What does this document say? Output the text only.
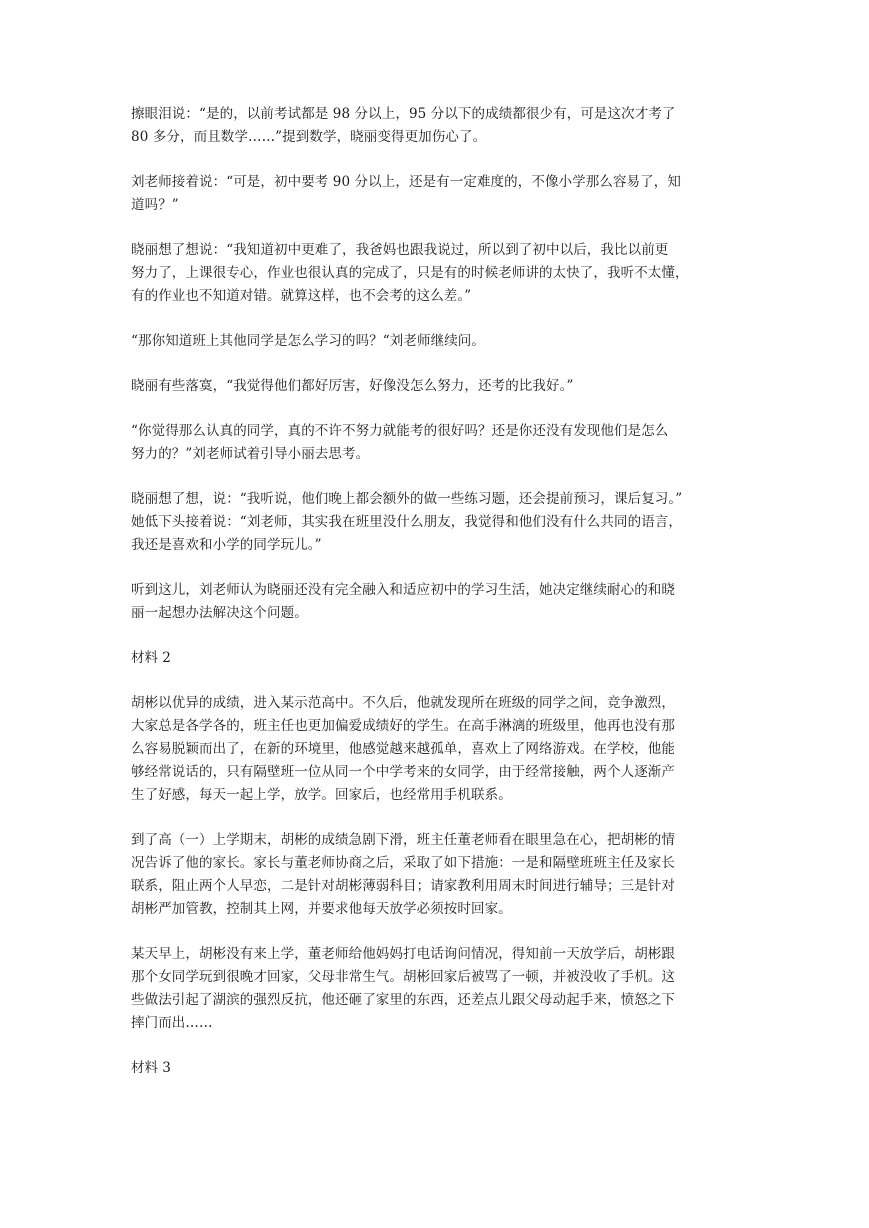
擦眼泪说：“是的，以前考试都是 98 分以上，95 分以下的成绩都很少有，可是这次才考了
80 多分，而且数学……”提到数学，晓丽变得更加伤心了。

刘老师接着说：“可是，初中要考 90 分以上，还是有一定难度的，不像小学那么容易了，知
道吗？”

晓丽想了想说：“我知道初中更难了，我爸妈也跟我说过，所以到了初中以后，我比以前更
努力了，上课很专心，作业也很认真的完成了，只是有的时候老师讲的太快了，我听不太懂，
有的作业也不知道对错。就算这样，也不会考的这么差。”

“那你知道班上其他同学是怎么学习的吗？“刘老师继续问。

晓丽有些落寞，“我觉得他们都好厉害，好像没怎么努力，还考的比我好。”

“你觉得那么认真的同学，真的不许不努力就能考的很好吗？还是你还没有发现他们是怎么
努力的？”刘老师试着引导小丽去思考。

晓丽想了想，说：“我听说，他们晚上都会额外的做一些练习题，还会提前预习，课后复习。”
她低下头接着说：“刘老师，其实我在班里没什么朋友，我觉得和他们没有什么共同的语言，
我还是喜欢和小学的同学玩儿。”

听到这儿，刘老师认为晓丽还没有完全融入和适应初中的学习生活，她决定继续耐心的和晓
丽一起想办法解决这个问题。

材料 2

胡彬以优异的成绩，进入某示范高中。不久后，他就发现所在班级的同学之间，竞争激烈，
大家总是各学各的，班主任也更加偏爱成绩好的学生。在高手淋漓的班级里，他再也没有那
么容易脱颖而出了，在新的环境里，他感觉越来越孤单，喜欢上了网络游戏。在学校，他能
够经常说话的，只有隔壁班一位从同一个中学考来的女同学，由于经常接触，两个人逐渐产
生了好感，每天一起上学，放学。回家后，也经常用手机联系。

到了高（一）上学期末，胡彬的成绩急剧下滑，班主任董老师看在眼里急在心，把胡彬的情
况告诉了他的家长。家长与董老师协商之后，采取了如下措施：一是和隔壁班班主任及家长
联系，阻止两个人早恋，二是针对胡彬薄弱科目；请家教利用周末时间进行辅导；三是针对
胡彬严加管教，控制其上网，并要求他每天放学必须按时回家。

某天早上，胡彬没有来上学，董老师给他妈妈打电话询问情况，得知前一天放学后，胡彬跟
那个女同学玩到很晚才回家，父母非常生气。胡彬回家后被骂了一顿，并被没收了手机。这
些做法引起了湖滨的强烈反抗，他还砸了家里的东西，还差点儿跟父母动起手来，愤怒之下
摔门而出……

材料 3
